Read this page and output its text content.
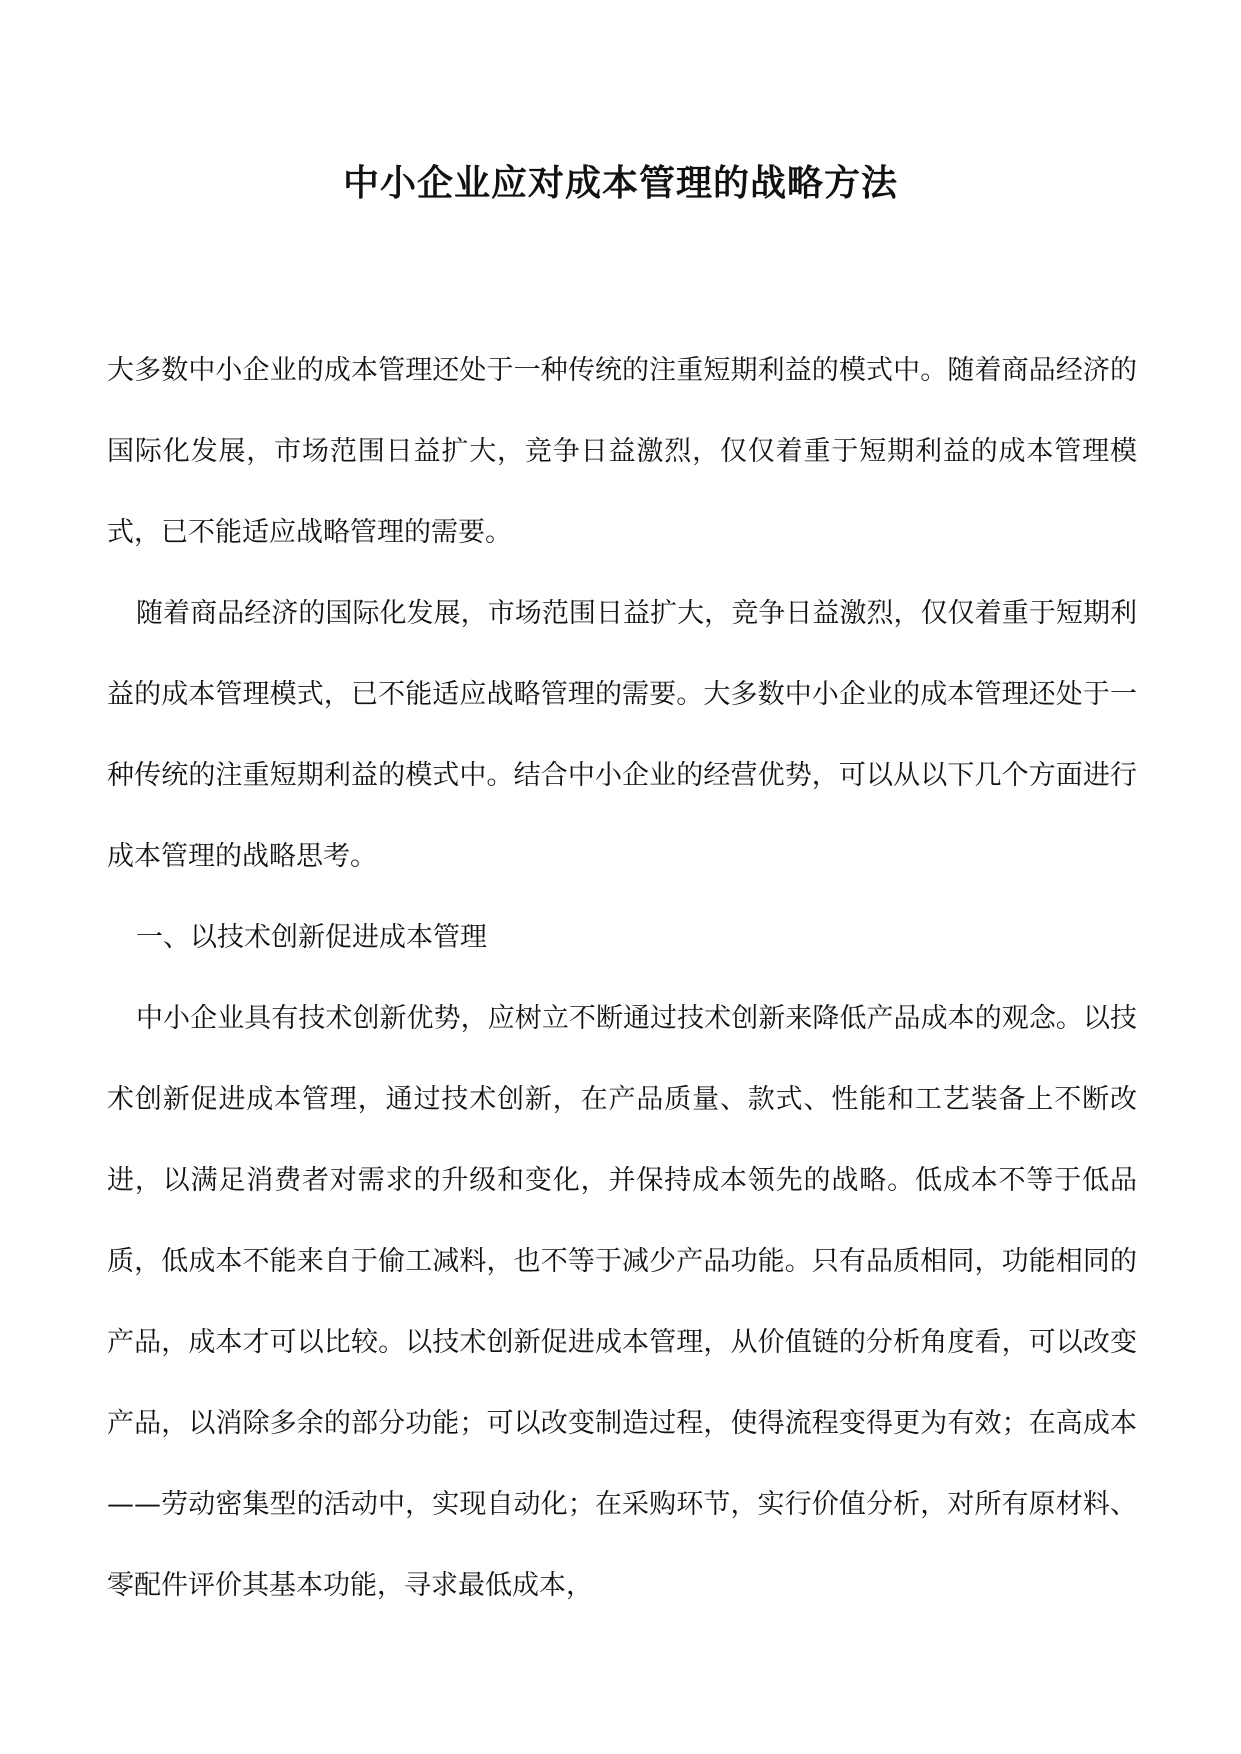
中小企业应对成本管理的战略方法

大多数中小企业的成本管理还处于一种传统的注重短期利益的模式中。随着商品经济的国际化发展，市场范围日益扩大，竞争日益激烈，仅仅着重于短期利益的成本管理模式，已不能适应战略管理的需要。

随着商品经济的国际化发展，市场范围日益扩大，竞争日益激烈，仅仅着重于短期利益的成本管理模式，已不能适应战略管理的需要。大多数中小企业的成本管理还处于一种传统的注重短期利益的模式中。结合中小企业的经营优势，可以从以下几个方面进行成本管理的战略思考。

一、以技术创新促进成本管理

中小企业具有技术创新优势，应树立不断通过技术创新来降低产品成本的观念。以技术创新促进成本管理，通过技术创新，在产品质量、款式、性能和工艺装备上不断改进，以满足消费者对需求的升级和变化，并保持成本领先的战略。低成本不等于低品质，低成本不能来自于偷工减料，也不等于减少产品功能。只有品质相同，功能相同的产品，成本才可以比较。以技术创新促进成本管理，从价值链的分析角度看，可以改变产品，以消除多余的部分功能；可以改变制造过程，使得流程变得更为有效；在高成本——劳动密集型的活动中，实现自动化；在采购环节，实行价值分析，对所有原材料、零配件评价其基本功能，寻求最低成本，
